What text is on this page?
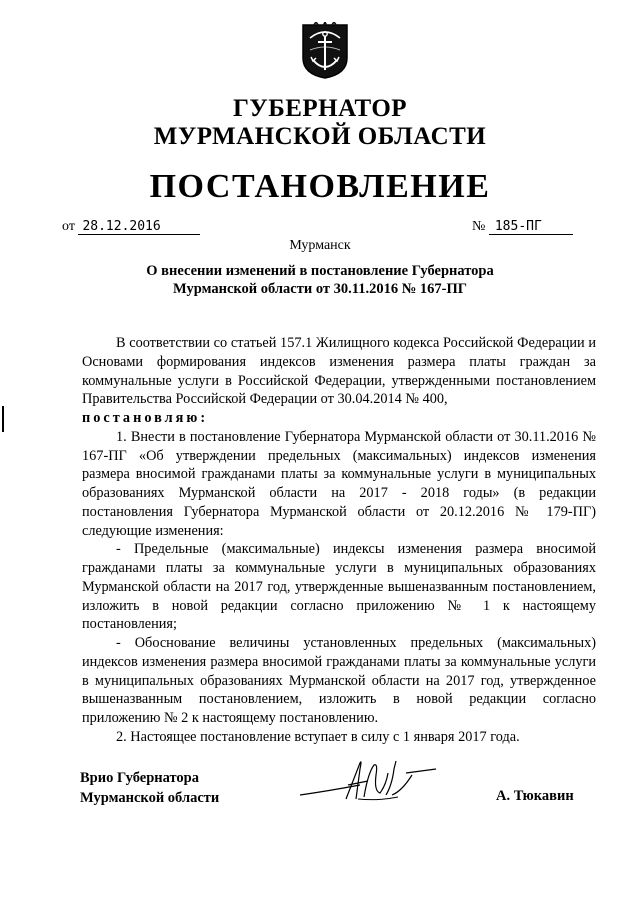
ГУБЕРНАТОР
МУРМАНСКОЙ ОБЛАСТИ
ПОСТАНОВЛЕНИЕ
от 28.12.2016	№ 185-ПГ
Мурманск
О внесении изменений в постановление Губернатора
Мурманской области от 30.11.2016 № 167-ПГ

В соответствии со статьей 157.1 Жилищного кодекса Российской Федерации и Основами формирования индексов изменения размера платы граждан за коммунальные услуги в Российской Федерации, утвержденными постановлением Правительства Российской Федерации от 30.04.2014 № 400,

постановляю:

1. Внести в постановление Губернатора Мурманской области от 30.11.2016 № 167-ПГ «Об утверждении предельных (максимальных) индексов изменения размера вносимой гражданами платы за коммунальные услуги в муниципальных образованиях Мурманской области на 2017 - 2018 годы» (в редакции постановления Губернатора Мурманской области от 20.12.2016 № 179-ПГ) следующие изменения:

- Предельные (максимальные) индексы изменения размера вносимой гражданами платы за коммунальные услуги в муниципальных образованиях Мурманской области на 2017 год, утвержденные вышеназванным постановлением, изложить в новой редакции согласно приложению № 1 к настоящему постановления;

- Обоснование величины установленных предельных (максимальных) индексов изменения размера вносимой гражданами платы за коммунальные услуги в муниципальных образованиях Мурманской области на 2017 год, утвержденное вышеназванным постановлением, изложить в новой редакции согласно приложению № 2 к настоящему постановлению.

2. Настоящее постановление вступает в силу с 1 января 2017 года.

Врио Губернатора
Мурманской области	А. Тюкавин
